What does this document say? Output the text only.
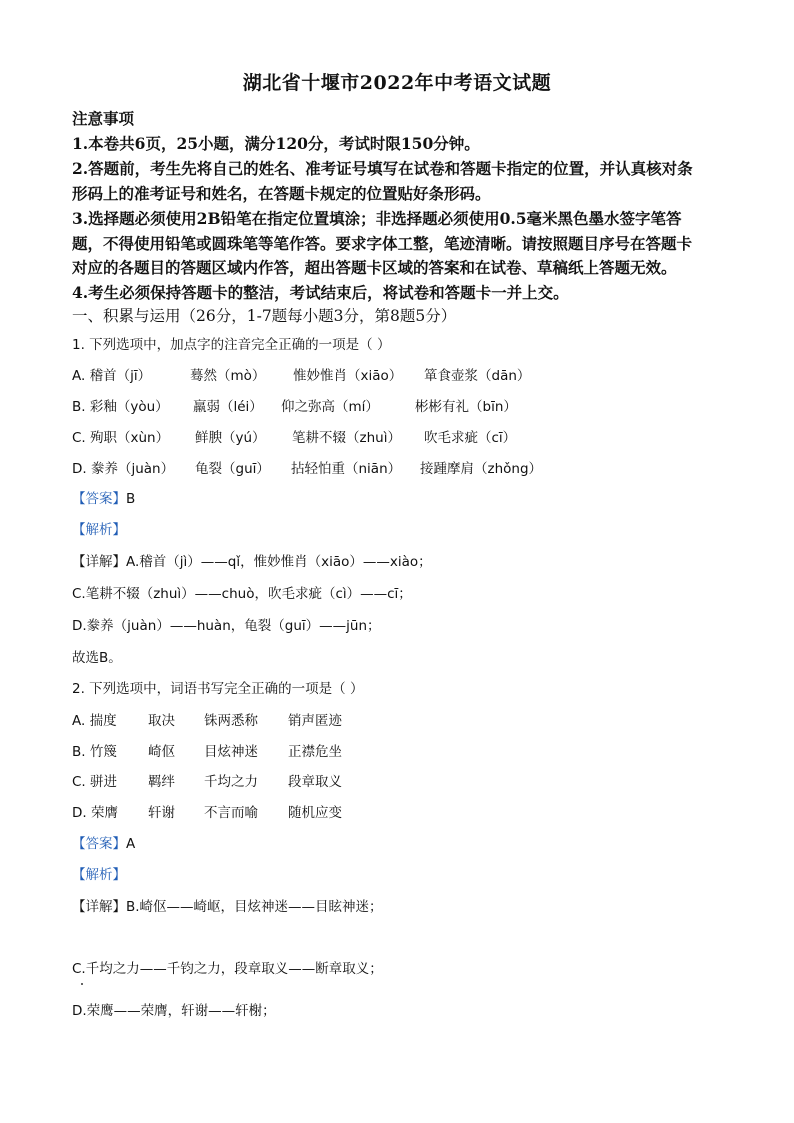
湖北省十堰市2022年中考语文试题
注意事项
1.本卷共6页，25小题，满分120分，考试时限150分钟。
2.答题前，考生先将自己的姓名、准考证号填写在试卷和答题卡指定的位置，并认真核对条
形码上的准考证号和姓名，在答题卡规定的位置贴好条形码。
3.选择题必须使用2B铅笔在指定位置填涂；非选择题必须使用0.5毫米黑色墨水签字笔答
题，不得使用铅笔或圆珠笔等笔作答。要求字体工整，笔迹清晰。请按照题目序号在答题卡
对应的各题目的答题区域内作答，超出答题卡区域的答案和在试卷、草稿纸上答题无效。
4.考生必须保持答题卡的整洁，考试结束后，将试卷和答题卡一并上交。
一、积累与运用（26分，1-7题每小题3分，第8题5分）
1. 下列选项中，加点字的注音完全正确的一项是（ ）
A. 稽首（jī）	蓦然（mò）	惟妙惟肖（xiāo）	箪食壶浆（dān）
B. 彩釉（yòu）	羸弱（léi）	仰之弥高（mí）	彬彬有礼（bīn）
C. 殉职（xùn）	鲜腴（yú）	笔耕不辍（zhuì）	吹毛求疵（cī）
D. 豢养（juàn）	龟裂（guī）	拈轻怕重（niān）	接踵摩肩（zhǒng）
【答案】B
【解析】
【详解】A.稽首（jì）——qǐ，惟妙惟肖（xiāo）——xiào；
C.笔耕不辍（zhuì）——chuò，吹毛求疵（cì）——cī；
D.豢养（juàn）——huàn，龟裂（guī）——jūn；
故选B。
2. 下列选项中，词语书写完全正确的一项是（ ）
A. 揣度	取决	铢两悉称	销声匿迹
B. 竹篾	崎伛	目炫神迷	正襟危坐
C. 骈进	羁绊	千均之力	段章取义
D. 荣膺	轩谢	不言而喻	随机应变
【答案】A
【解析】
【详解】B.崎伛——崎岖，目炫神迷——目眩神迷；
C.千均之力——千钧之力，段章取义——断章取义；
D.荣鹰——荣膺，轩谢——轩榭；
